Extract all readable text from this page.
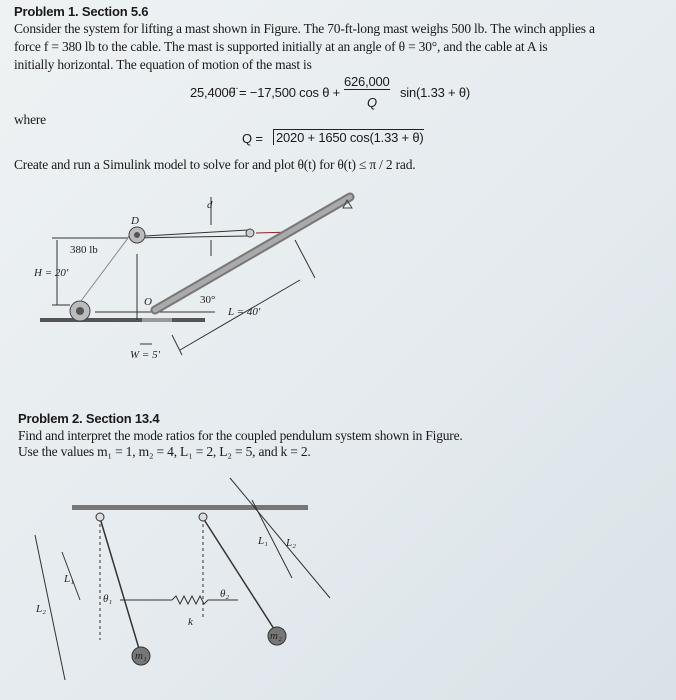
Problem 1. Section 5.6
Consider the system for lifting a mast shown in Figure. The 70-ft-long mast weighs 500 lb. The winch applies a
force f = 380 lb to the cable. The mast is supported initially at an angle of θ = 30°, and the cable at A is
initially horizontal. The equation of motion of the mast is
25,400θ̈ = −17,500 cos θ +
626,000
Q
sin(1.33 + θ)
where
Q = 2020 + 1650 cos(1.33 + θ)
Create and run a Simulink model to solve for and plot θ(t) for θ(t) ≤ π / 2 rad.
D
d
380 lb
H = 20′
O	30°
L = 40′
W = 5′
Problem 2. Section 13.4
Find and interpret the mode ratios for the coupled pendulum system shown in Figure.
Use the values m₁ = 1, m₂ = 4, L₁ = 2, L₂ = 5, and k = 2.
L₁
L₂
θ₁	θ₂
k
L₁ L₂
m₁
m₂
